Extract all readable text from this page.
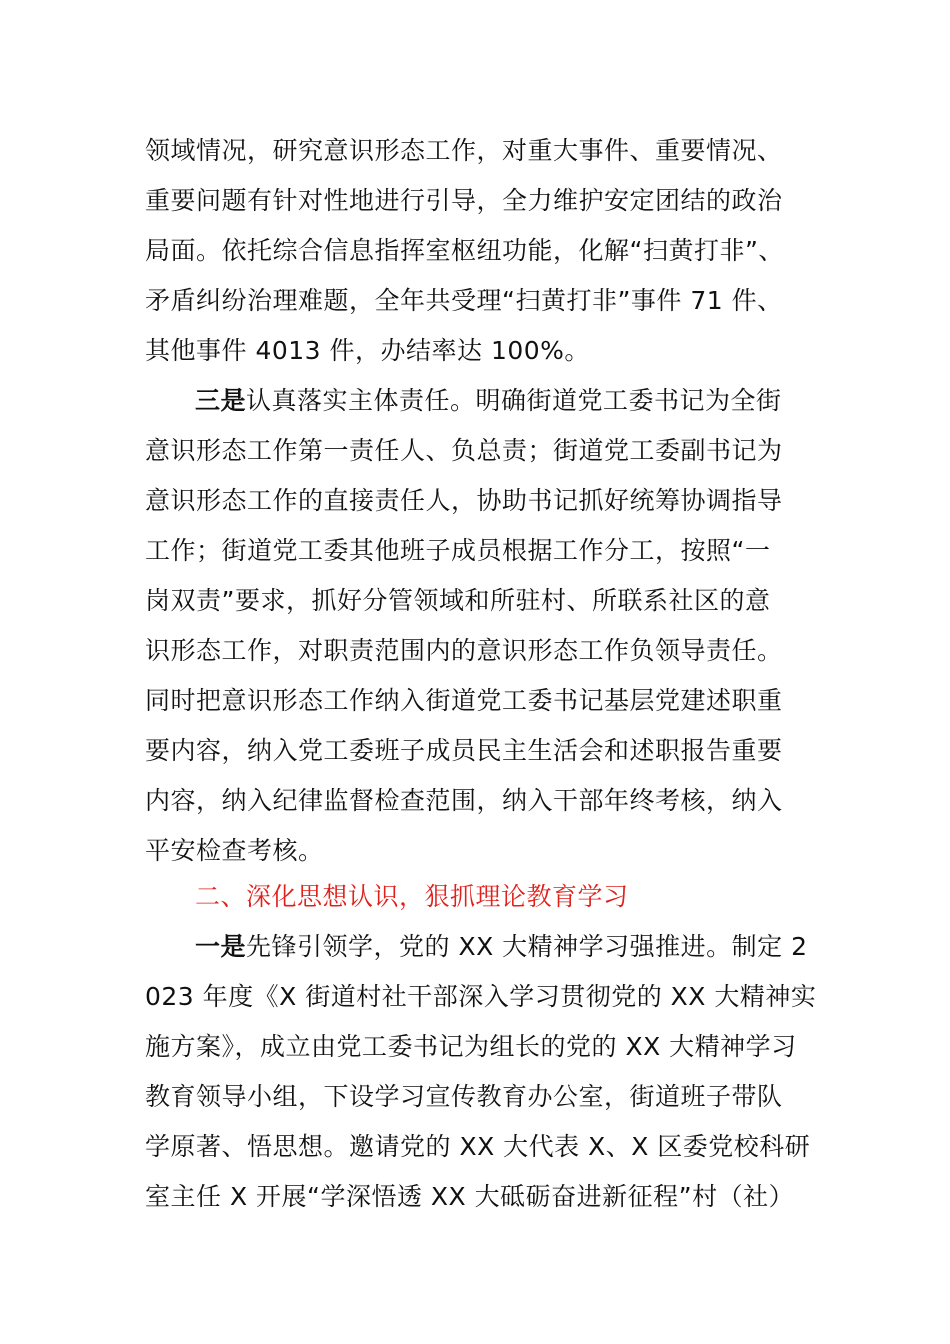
领域情况，研究意识形态工作，对重大事件、重要情况、
重要问题有针对性地进行引导，全力维护安定团结的政治
局面。依托综合信息指挥室枢纽功能，化解“扫黄打非”、
矛盾纠纷治理难题，全年共受理“扫黄打非”事件 71 件、
其他事件 4013 件，办结率达 100%。
三是认真落实主体责任。明确街道党工委书记为全街
意识形态工作第一责任人、负总责；街道党工委副书记为
意识形态工作的直接责任人，协助书记抓好统筹协调指导
工作；街道党工委其他班子成员根据工作分工，按照“一
岗双责”要求，抓好分管领域和所驻村、所联系社区的意
识形态工作，对职责范围内的意识形态工作负领导责任。
同时把意识形态工作纳入街道党工委书记基层党建述职重
要内容，纳入党工委班子成员民主生活会和述职报告重要
内容，纳入纪律监督检查范围，纳入干部年终考核，纳入
平安检查考核。
二、深化思想认识，狠抓理论教育学习
一是先锋引领学，党的 XX 大精神学习强推进。制定 2
023 年度《X 街道村社干部深入学习贯彻党的 XX 大精神实
施方案》，成立由党工委书记为组长的党的 XX 大精神学习
教育领导小组，下设学习宣传教育办公室，街道班子带队
学原著、悟思想。邀请党的 XX 大代表 X、X 区委党校科研
室主任 X 开展“学深悟透 XX 大砥砺奋进新征程”村（社）
